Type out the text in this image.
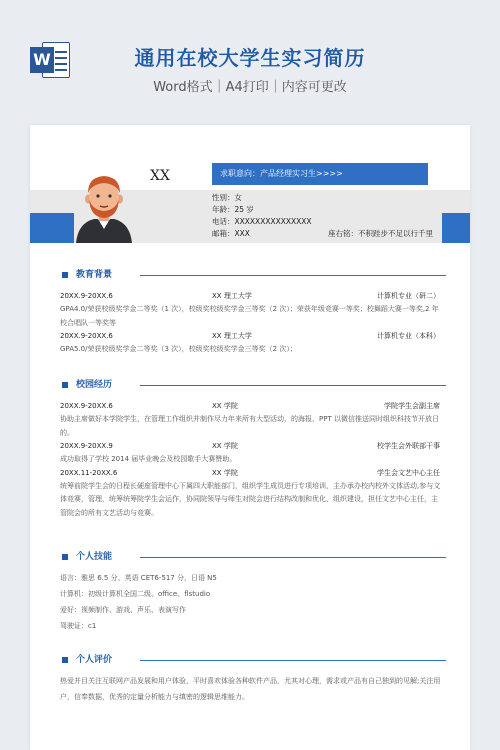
W	通用在校大学生实习简历
Word格式｜A4打印｜内容可更改
XX	求职意向：产品经理实习生>>>>
性别：女
年龄：25 岁
电话：XXXXXXXXXXXXXXX
邮箱：XXX	座右铭：不积跬步不足以行千里
教育背景
20XX.9-20XX.6	XX 理工大学	计算机专业（研二）
GPA4.0/荣获校级奖学金二等奖（1 次），校级奖校级奖学金三等奖（2 次）；荣获年级竞赛一等奖；校舞蹈大赛一等奖,2 年校合唱队一等奖等
20XX.9-20XX.6	XX 理工大学	计算机专业（本科）
GPA5.0/荣获校级奖学金二等奖（3 次），校级奖校级奖学金三等奖（2 次）；
校园经历
20XX.9-20XX.6	XX 学院	学院学生会副主席
协助主席做好本学院学生，在管理工作组织并制作尽力年来所有大型活动，的海报、PPT 以微信推送同时组织科技节开放日的。
20XX.9-20XX.9	XX 学院	校学生会外联部干事
成功取得了学校 2014 届毕业晚会及校园歌手大赛赞助。
20XX.11-20XX.6	XX 学院	学生会文艺中心主任
统筹前院学生会的日程长硬座管理中心下属四大职能部门，组织学生成员进行专项培训，主办承办校内校外文体活动,参与文体竞赛，管理，统筹统筹院学生会运作，协同院领导与师生对院会进行结构改制和优化，组织建设，担任文艺中心主任，主管院会的所有文艺活动与竞赛。
个人技能
语言：雅思 6.5 分、英语 CET6-517 分，日语 N5
计算机：初级计算机全国二级、office、flstudio
爱好：视频制作、游戏、声乐、表演写作
驾驶证：c1
个人评价
热爱并目关注互联网产品发展和用户体验，平时喜欢体验各种软件产品，尤其对心理，需求或产品有自己独到的见解;关注用户，信奉数据，优秀的定量分析能力与缜密的逻辑思维能力。
